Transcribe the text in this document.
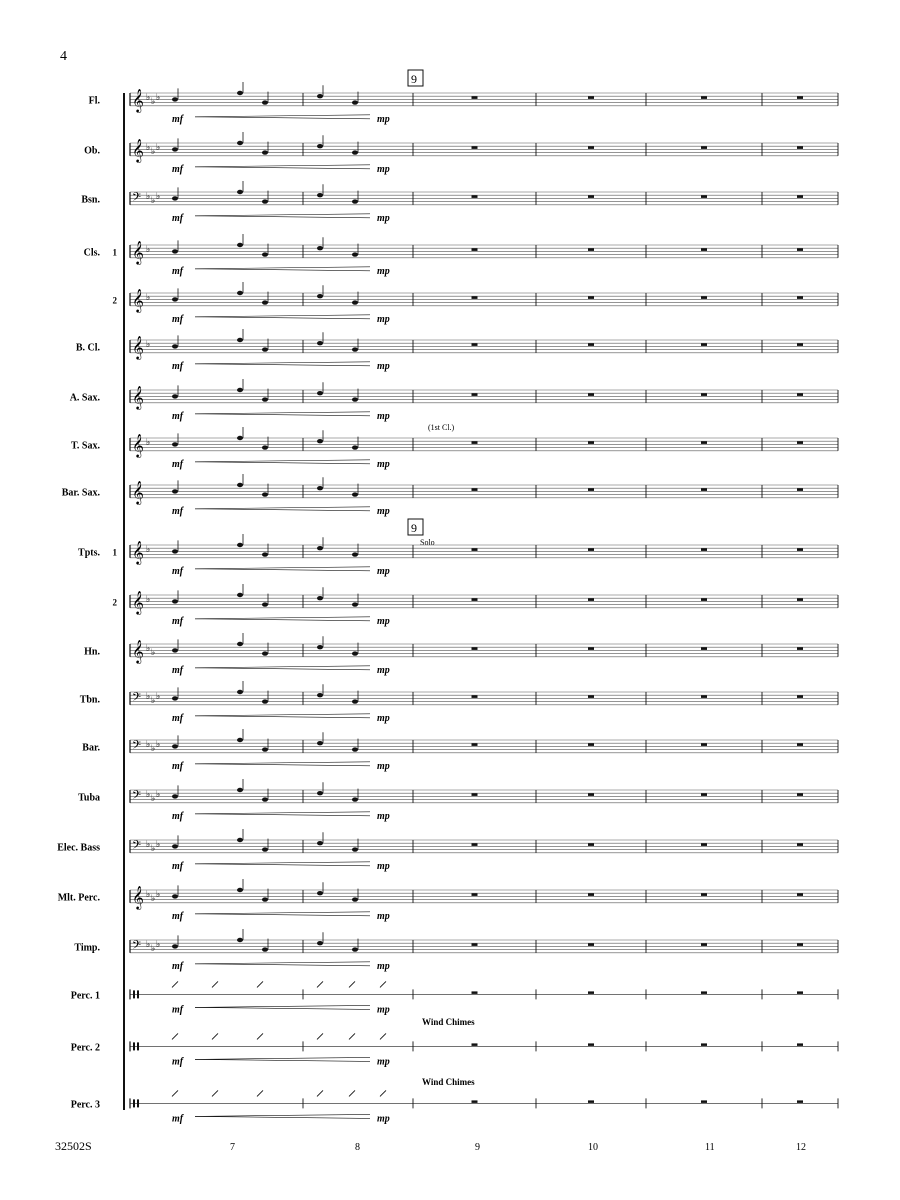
4
9
9
32502S	7	8	9	10	11	12
Solo
(1st Cl.)
Wind Chimes
Wind Chimes
Fl. 𝄞 ♭ ♭ ♭
mf	mp
Ob. 𝄞 ♭ ♭ ♭
mf	mp
Bsn. 𝄢 ♭ ♭ ♭
mf	mp
Cls. 1 𝄞 ♭
mf	mp
2 𝄞 ♭
mf	mp
B. Cl. 𝄞 ♭
mf	mp
A. Sax. 𝄞
mf	mp
T. Sax. 𝄞 ♭
mf	mp
Bar. Sax. 𝄞
mf	mp
Tpts. 1 𝄞 ♭
mf	mp
2 𝄞 ♭
mf	mp
Hn. 𝄞 ♭ ♭
mf	mp
Tbn. 𝄢 ♭ ♭ ♭
mf	mp
Bar. 𝄢 ♭ ♭ ♭
mf	mp
Tuba 𝄢 ♭ ♭ ♭
mf	mp
Elec. Bass 𝄢 ♭ ♭ ♭
mf	mp
Mlt. Perc. 𝄞 ♭ ♭ ♭
mf	mp
Timp. 𝄢 ♭ ♭ ♭
mf	mp
Perc. 1
mf	mp
Perc. 2
mf	mp
Perc. 3
mf	mp
